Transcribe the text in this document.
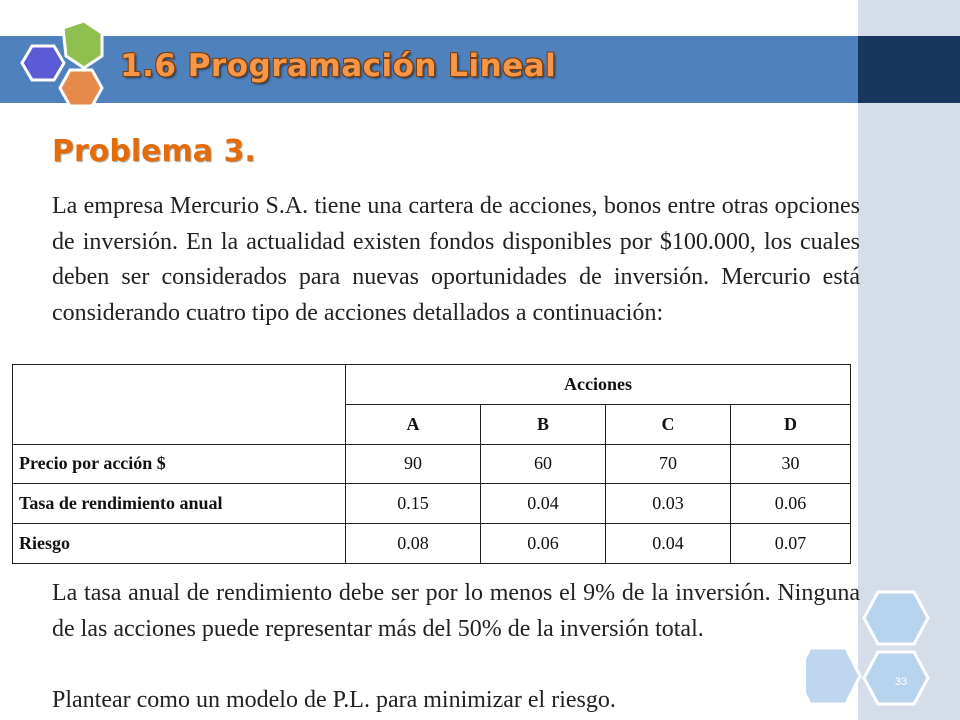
1.6 Programación Lineal
Problema 3.

La empresa Mercurio S.A. tiene una cartera de acciones, bonos entre otras opciones de inversión. En la actualidad existen fondos disponibles por $100.000, los cuales deben ser considerados para nuevas oportunidades de inversión. Mercurio está considerando cuatro tipo de acciones detallados a continuación:

	Acciones			
	A	B	C	D
Precio por acción $	90	60	70	30
Tasa de rendimiento anual	0.15	0.04	0.03	0.06
Riesgo	0.08	0.06	0.04	0.07

La tasa anual de rendimiento debe ser por lo menos el 9% de la inversión. Ninguna de las acciones puede representar más del 50% de la inversión total.

Plantear como un modelo de P.L. para minimizar el riesgo.

33
